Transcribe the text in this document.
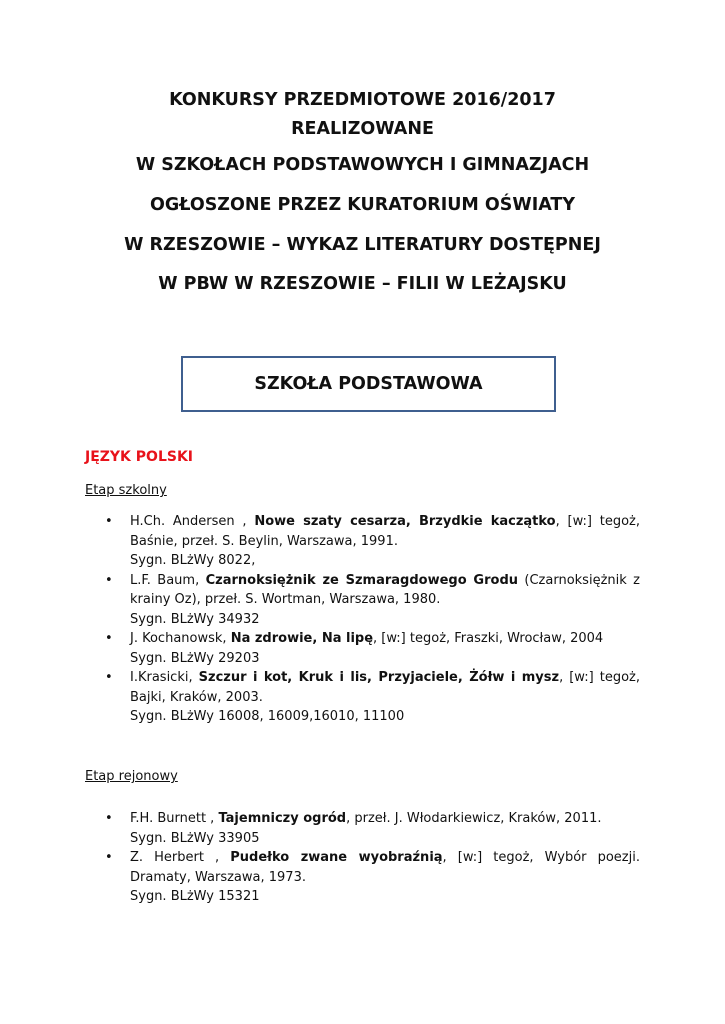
KONKURSY PRZEDMIOTOWE 2016/2017
REALIZOWANE
W SZKOŁACH PODSTAWOWYCH I GIMNAZJACH
OGŁOSZONE PRZEZ KURATORIUM OŚWIATY
W RZESZOWIE – WYKAZ LITERATURY DOSTĘPNEJ
W PBW W RZESZOWIE – FILII W LEŻAJSKU
SZKOŁA PODSTAWOWA

JĘZYK POLSKI

Etap szkolny

• H.Ch. Andersen , Nowe szaty cesarza, Brzydkie kaczątko, [w:] tegoż, Baśnie, przeł. S. Beylin, Warszawa, 1991.
Sygn. BLżWy 8022,
• L.F. Baum, Czarnoksiężnik ze Szmaragdowego Grodu (Czarnoksiężnik z krainy Oz), przeł. S. Wortman, Warszawa, 1980.
Sygn. BLżWy 34932
• J. Kochanowsk, Na zdrowie, Na lipę, [w:] tegoż, Fraszki, Wrocław, 2004
Sygn. BLżWy 29203
• I.Krasicki, Szczur i kot, Kruk i lis, Przyjaciele, Żółw i mysz, [w:] tegoż, Bajki, Kraków, 2003.
Sygn. BLżWy 16008, 16009,16010, 11100

Etap rejonowy

• F.H. Burnett , Tajemniczy ogród, przeł. J. Włodarkiewicz, Kraków, 2011.
Sygn. BLżWy 33905
• Z. Herbert , Pudełko zwane wyobraźnią, [w:] tegoż, Wybór poezji. Dramaty, Warszawa, 1973.
Sygn. BLżWy 15321
